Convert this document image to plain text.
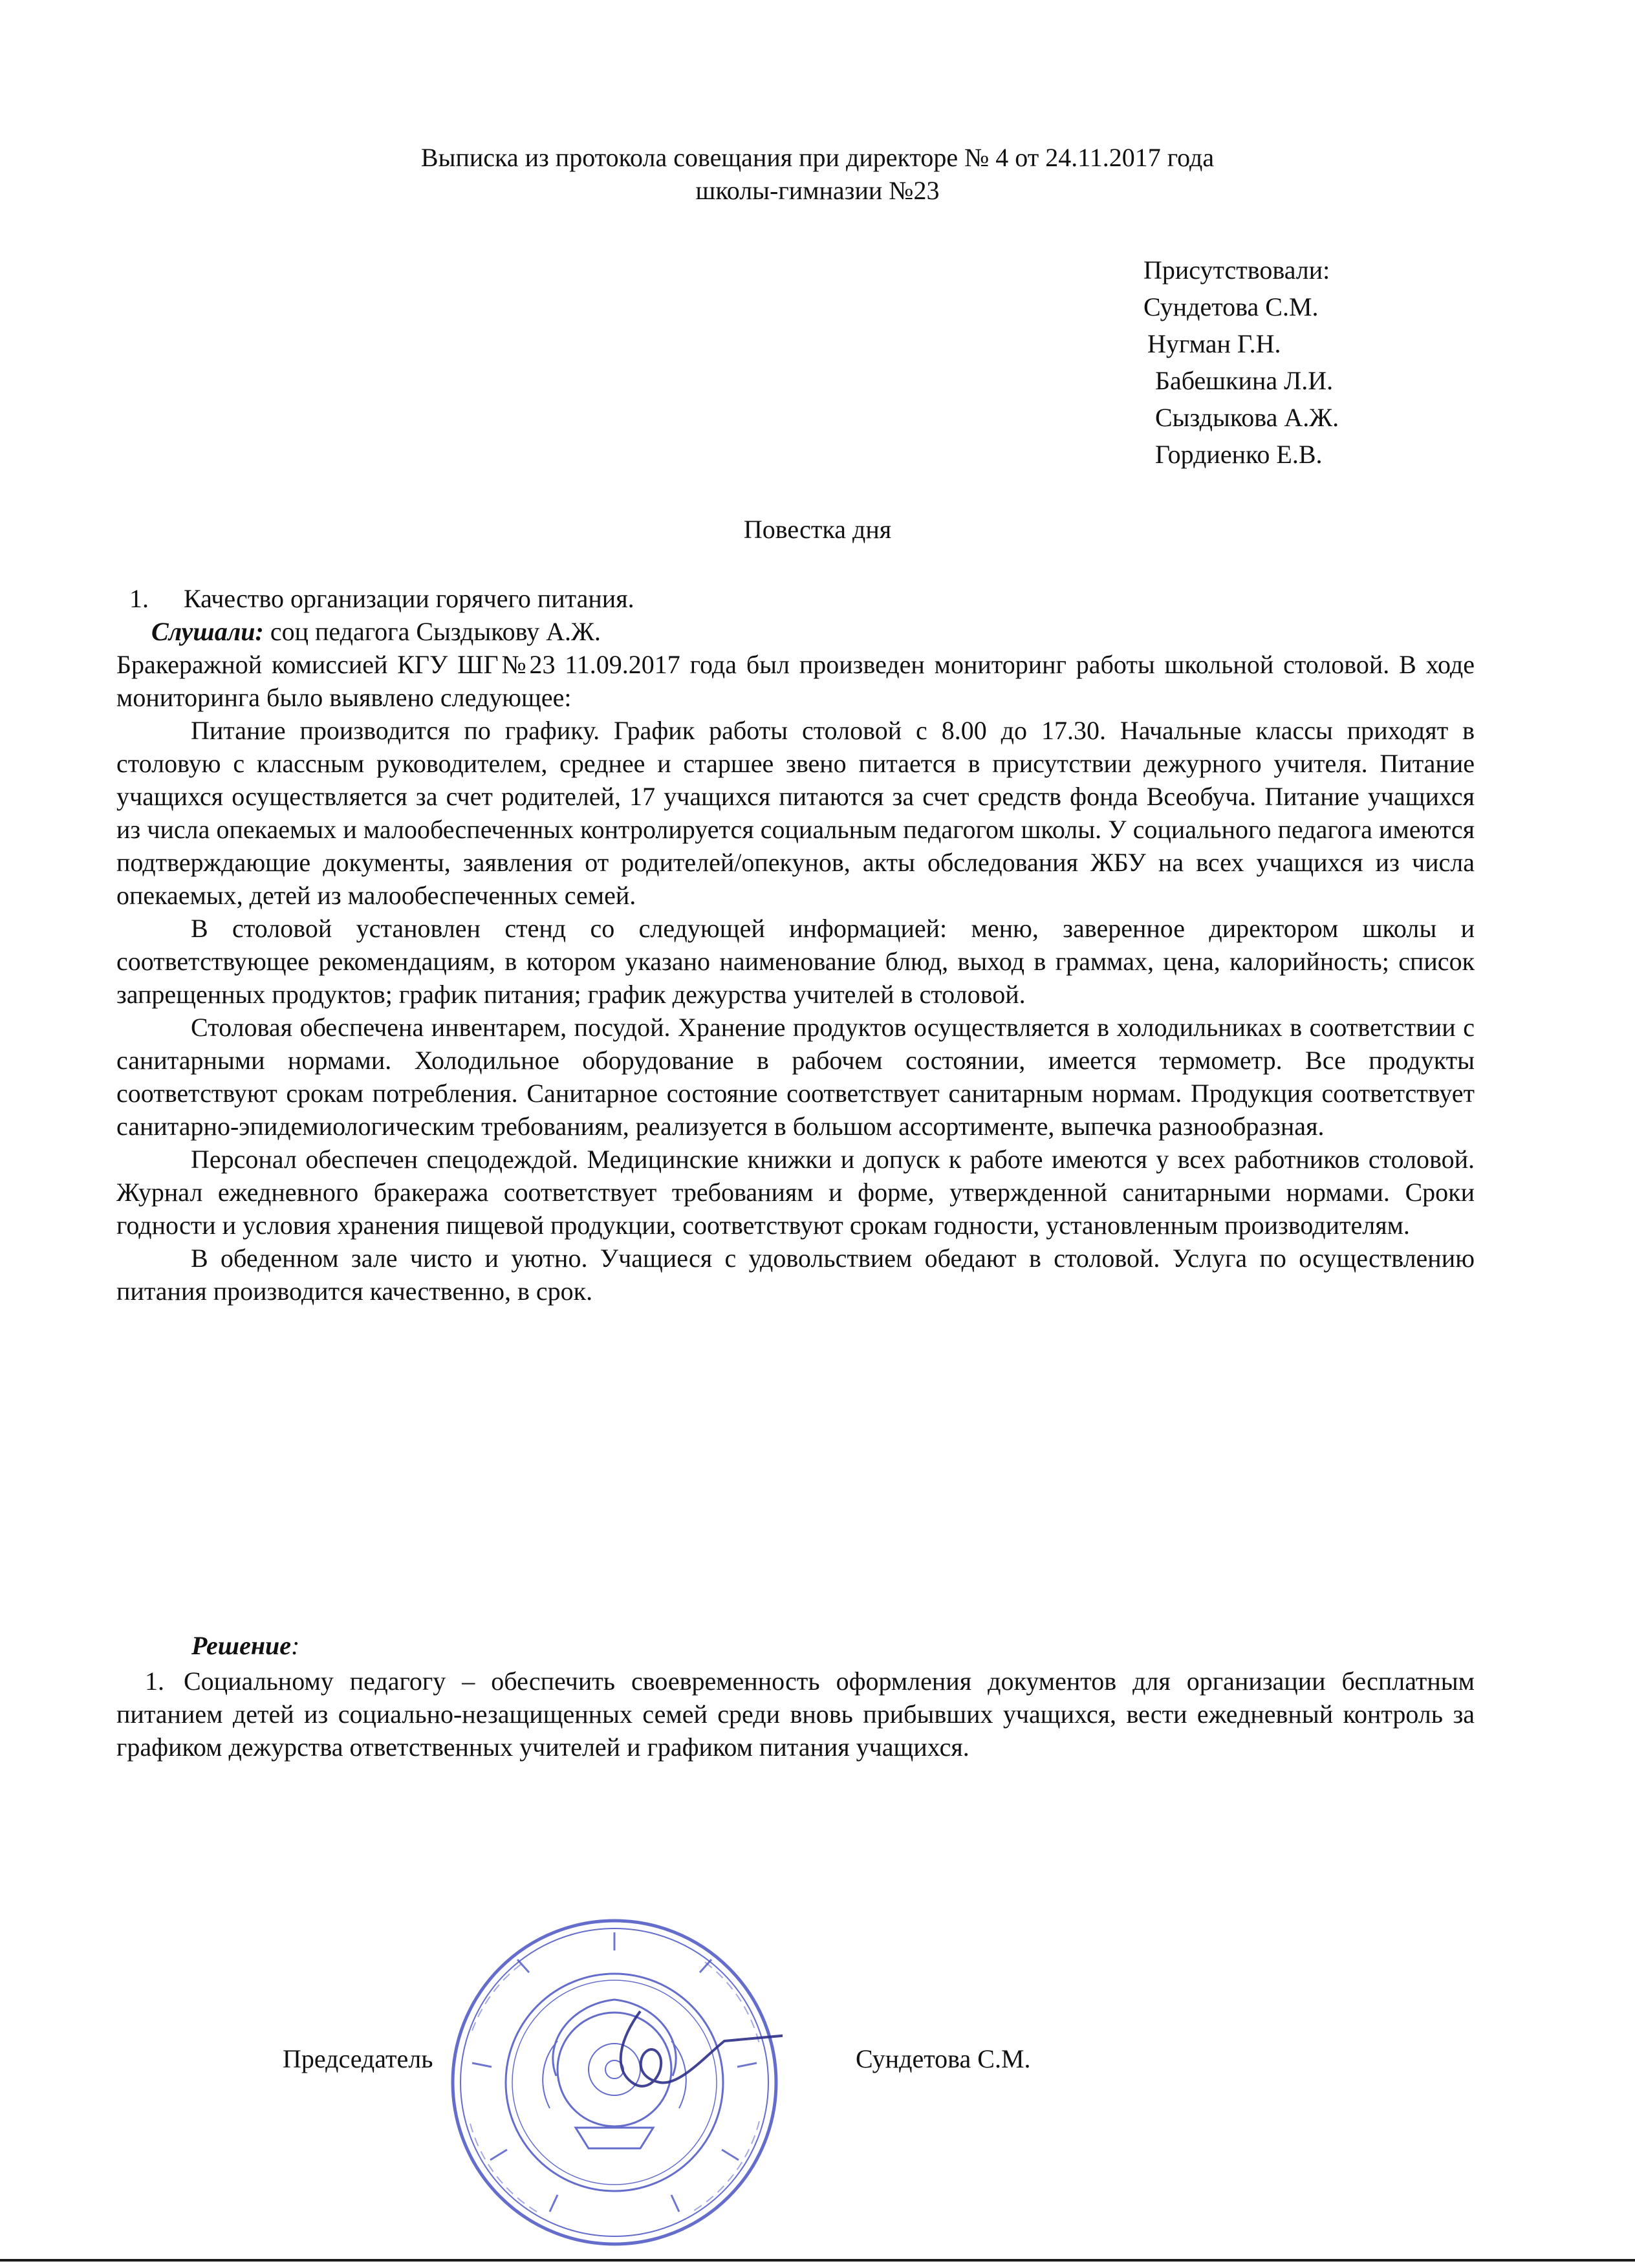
Выписка из протокола совещания при директоре № 4 от 24.11.2017 года
школы-гимназии №23
Присутствовали:
Сундетова С.М.
Нугман Г.Н.
Бабешкина Л.И.
Сыздыкова А.Ж.
Гордиенко Е.В.
Повестка дня
1. Качество организации горячего питания.
Слушали: соц педагога Сыздыкову А.Ж.

Бракеражной комиссией КГУ ШГ№23 11.09.2017 года был произведен мониторинг работы школьной столовой. В ходе мониторинга было выявлено следующее:

Питание производится по графику. График работы столовой с 8.00 до 17.30. Начальные классы приходят в столовую с классным руководителем, среднее и старшее звено питается в присутствии дежурного учителя. Питание учащихся осуществляется за счет родителей, 17 учащихся питаются за счет средств фонда Всеобуча. Питание учащихся из числа опекаемых и малообеспеченных контролируется социальным педагогом школы. У социального педагога имеются подтверждающие документы, заявления от родителей/опекунов, акты обследования ЖБУ на всех учащихся из числа опекаемых, детей из малообеспеченных семей.

В столовой установлен стенд со следующей информацией: меню, заверенное директором школы и соответствующее рекомендациям, в котором указано наименование блюд, выход в граммах, цена, калорийность; список запрещенных продуктов; график питания; график дежурства учителей в столовой.

Столовая обеспечена инвентарем, посудой. Хранение продуктов осуществляется в холодильниках в соответствии с санитарными нормами. Холодильное оборудование в рабочем состоянии, имеется термометр. Все продукты соответствуют срокам потребления. Санитарное состояние соответствует санитарным нормам. Продукция соответствует санитарно-эпидемиологическим требованиям, реализуется в большом ассортименте, выпечка разнообразная.

Персонал обеспечен спецодеждой. Медицинские книжки и допуск к работе имеются у всех работников столовой. Журнал ежедневного бракеража соответствует требованиям и форме, утвержденной санитарными нормами. Сроки годности и условия хранения пищевой продукции, соответствуют срокам годности, установленным производителям.

В обеденном зале чисто и уютно. Учащиеся с удовольствием обедают в столовой. Услуга по осуществлению питания производится качественно, в срок.

Решение:

1. Социальному педагогу – обеспечить своевременность оформления документов для организации бесплатным питанием детей из социально-незащищенных семей среди вновь прибывших учащихся, вести ежедневный контроль за графиком дежурства ответственных учителей и графиком питания учащихся.

Председатель	Сундетова С.М.
